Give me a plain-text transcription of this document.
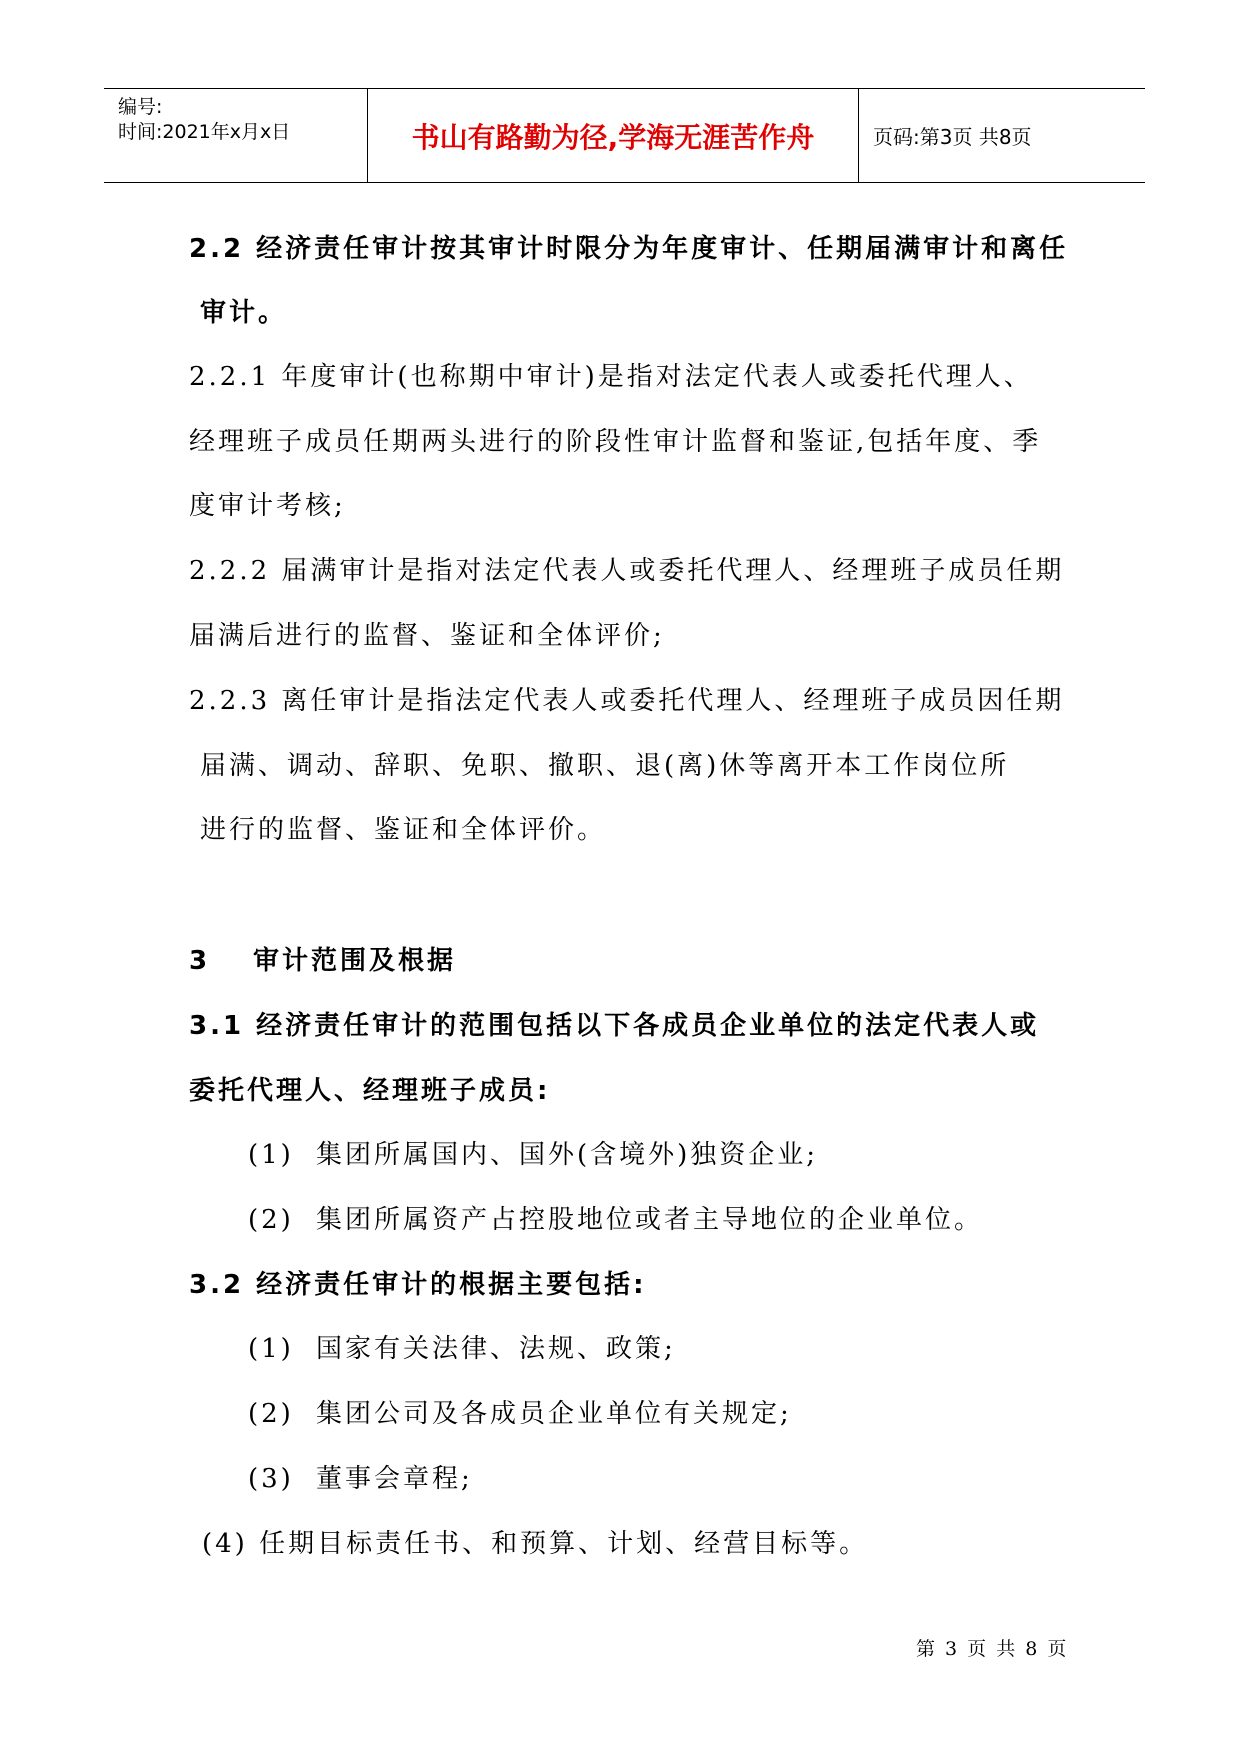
编号:
时间:2021年x月x日	书山有路勤为径,学海无涯苦作舟	页码:第3页 共8页
2.2 经济责任审计按其审计时限分为年度审计、任期届满审计和离任
审计。
2.2.1 年度审计(也称期中审计)是指对法定代表人或委托代理人、
经理班子成员任期两头进行的阶段性审计监督和鉴证,包括年度、季
度审计考核;
2.2.2 届满审计是指对法定代表人或委托代理人、经理班子成员任期
届满后进行的监督、鉴证和全体评价;
2.2.3 离任审计是指法定代表人或委托代理人、经理班子成员因任期
届满、调动、辞职、免职、撤职、退(离)休等离开本工作岗位所
进行的监督、鉴证和全体评价。
3 审计范围及根据
3.1 经济责任审计的范围包括以下各成员企业单位的法定代表人或
委托代理人、经理班子成员:
(1) 集团所属国内、国外(含境外)独资企业;
(2) 集团所属资产占控股地位或者主导地位的企业单位。
3.2 经济责任审计的根据主要包括:
(1) 国家有关法律、法规、政策;
(2) 集团公司及各成员企业单位有关规定;
(3) 董事会章程;
(4) 任期目标责任书、和预算、计划、经营目标等。
第 3 页 共 8 页
